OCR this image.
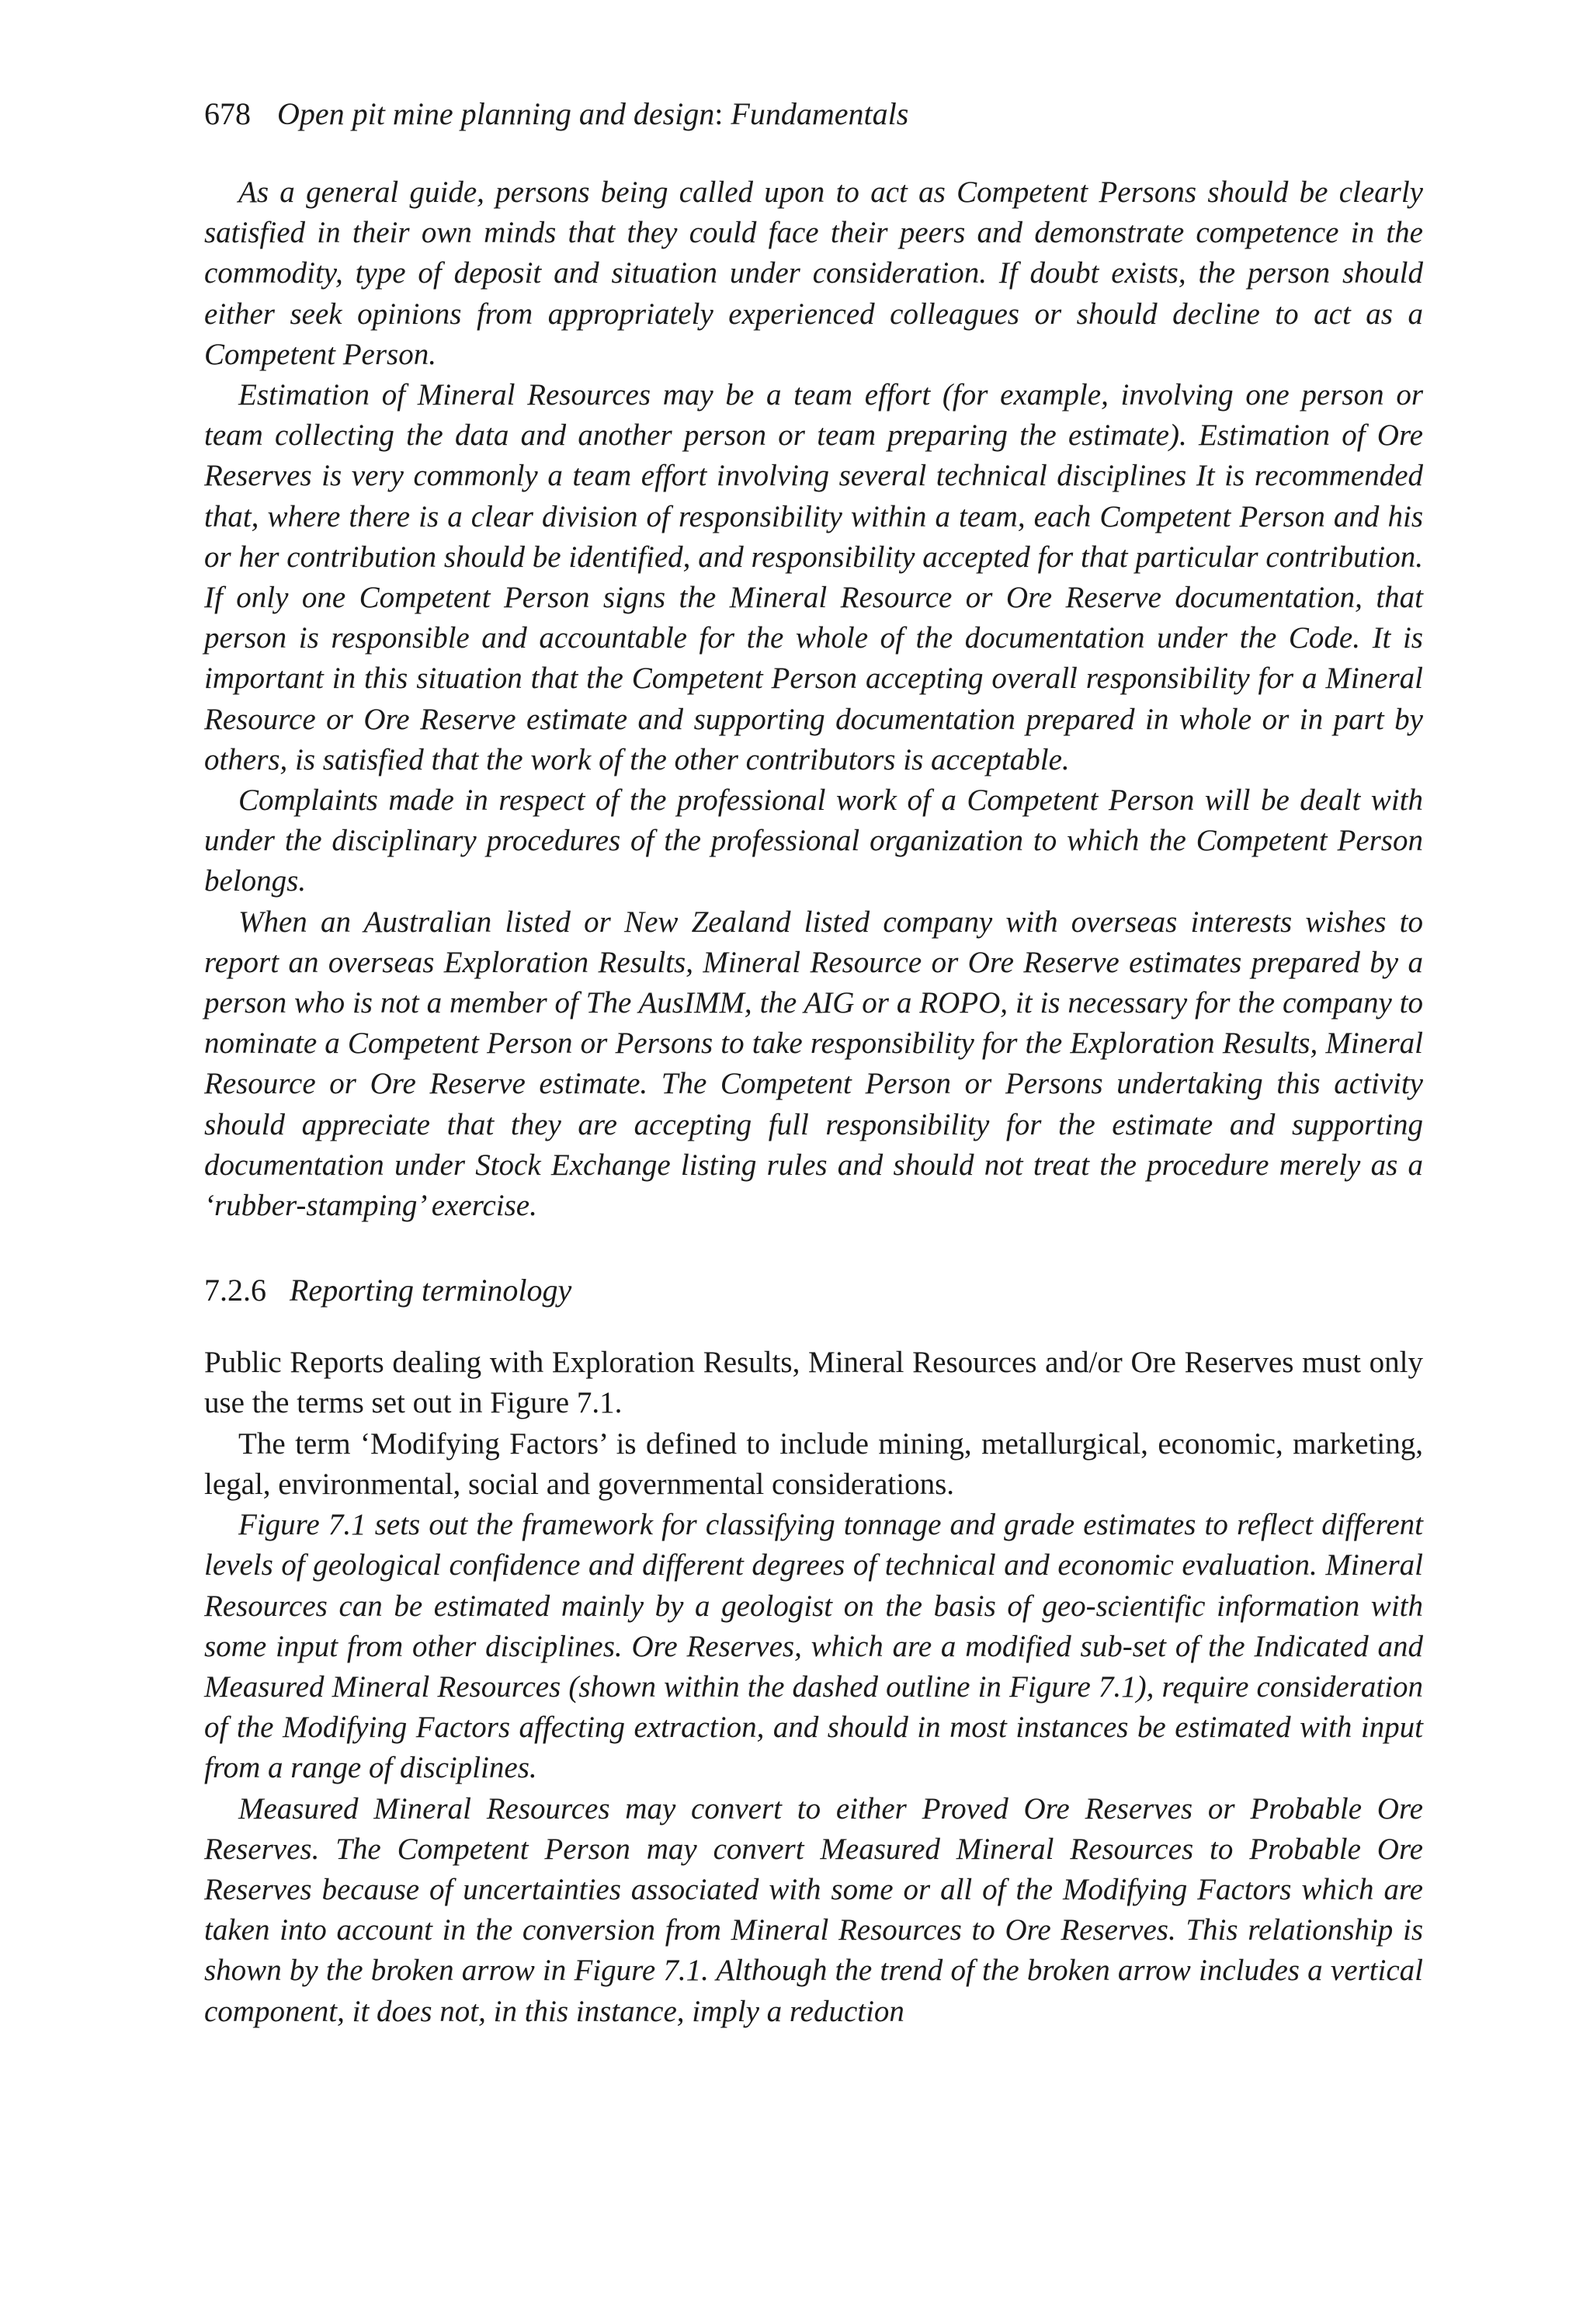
678 Open pit mine planning and design: Fundamentals

As a general guide, persons being called upon to act as Competent Persons should be clearly satisfied in their own minds that they could face their peers and demonstrate competence in the commodity, type of deposit and situation under consideration. If doubt exists, the person should either seek opinions from appropriately experienced colleagues or should decline to act as a Competent Person.

Estimation of Mineral Resources may be a team effort (for example, involving one person or team collecting the data and another person or team preparing the estimate). Estimation of Ore Reserves is very commonly a team effort involving several technical disciplines It is recommended that, where there is a clear division of responsibility within a team, each Competent Person and his or her contribution should be identified, and responsibility accepted for that particular contribution. If only one Competent Person signs the Mineral Resource or Ore Reserve documentation, that person is responsible and accountable for the whole of the documentation under the Code. It is important in this situation that the Competent Person accepting overall responsibility for a Mineral Resource or Ore Reserve estimate and supporting documentation prepared in whole or in part by others, is satisfied that the work of the other contributors is acceptable.

Complaints made in respect of the professional work of a Competent Person will be dealt with under the disciplinary procedures of the professional organization to which the Competent Person belongs.

When an Australian listed or New Zealand listed company with overseas interests wishes to report an overseas Exploration Results, Mineral Resource or Ore Reserve estimates prepared by a person who is not a member of The AusIMM, the AIG or a ROPO, it is necessary for the company to nominate a Competent Person or Persons to take responsibility for the Exploration Results, Mineral Resource or Ore Reserve estimate. The Competent Person or Persons undertaking this activity should appreciate that they are accepting full responsibility for the estimate and supporting documentation under Stock Exchange listing rules and should not treat the procedure merely as a ‘rubber-stamping’ exercise.

7.2.6 Reporting terminology

Public Reports dealing with Exploration Results, Mineral Resources and/or Ore Reserves must only use the terms set out in Figure 7.1.

The term ‘Modifying Factors’ is defined to include mining, metallurgical, economic, marketing, legal, environmental, social and governmental considerations.

Figure 7.1 sets out the framework for classifying tonnage and grade estimates to reflect different levels of geological confidence and different degrees of technical and economic evaluation. Mineral Resources can be estimated mainly by a geologist on the basis of geo-scientific information with some input from other disciplines. Ore Reserves, which are a modified sub-set of the Indicated and Measured Mineral Resources (shown within the dashed outline in Figure 7.1), require consideration of the Modifying Factors affecting extraction, and should in most instances be estimated with input from a range of disciplines.

Measured Mineral Resources may convert to either Proved Ore Reserves or Probable Ore Reserves. The Competent Person may convert Measured Mineral Resources to Probable Ore Reserves because of uncertainties associated with some or all of the Modifying Factors which are taken into account in the conversion from Mineral Resources to Ore Reserves. This relationship is shown by the broken arrow in Figure 7.1. Although the trend of the broken arrow includes a vertical component, it does not, in this instance, imply a reduction
